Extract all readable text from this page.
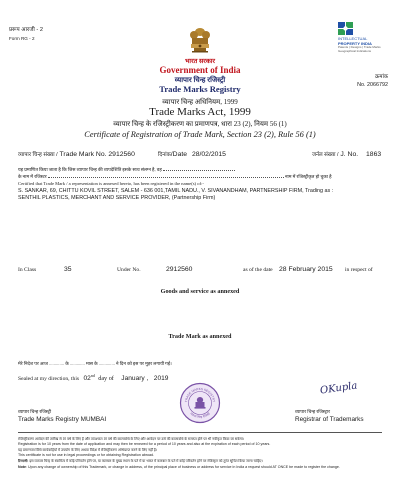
प्ररूप आरजी - 2
Form RG - 2	INTELLECTUAL
PROPERTY INDIA
Patents | Designs | Trade Marks
Geographical Indications
भारत सरकार
Government of India
व्यापार चिन्ह रजिस्ट्री
Trade Marks Registry
व्यापार चिन्ह अधिनियम, 1999
Trade Marks Act, 1999
व्यापार चिन्ह के रजिस्ट्रीकरण का प्रमाणपत्र, धारा 23 (2), नियम 56 (1)
Certificate of Registration of Trade Mark, Section 23 (2), Rule 56 (1)
क्रमांक
No. 2066792
व्यापार चिन्ह संख्या / Trade Mark No. 2912560	दिनांक/Date 28/02/2015	जर्नल संख्या / J. No. 1863
यह प्रमाणित किया जाता है कि जिस व्यापार चिन्ह की व्यपदेशिति इसके साथ संलग्न है, वह
के नाम में रजिस्टर	नाम में रजिस्ट्रीकृत हो चुका है
Certified that Trade Mark / a representation is annexed hereto, has been registered in the name(s) of:-
S. SANKAR, 69, CHITTU KOVIL STREET, SALEM - 636 001,TAMIL NADU., V. SIVANANDHAM, PARTNERSHIP FIRM, Trading as :
SENTHIL PLASTICS, MERCHANT AND SERVICE PROVIDER, (Partnership Firm)
In Class	35	Under No.	2912560	as of the date 28 February 2015 in respect of
Goods and service as annexed
Trade Mark as annexed
मेरे निदेश पर आज ............. के ............. मास के .............. ने दिन को इस पर मुहर लगायी गई।
Sealed at my direction, this 02nd day of January , 2019
TRADE MARKS REGISTRY
व्यापार चिन्ह रजिस्ट्री
OKupla
व्यापार चिन्ह रजिस्ट्री
Trade Marks Registry MUMBAI
व्यापार चिन्ह रजिस्ट्रार
Registrar of Trademarks
रजिस्ट्रीकरण आवेदन की तारीख से 10 वर्ष के लिए है और तत्पश्चात 10 वर्ष की कालावधि के लिए और आवेदन पर उसे की कालावधि के समाप्त होने पर भी नवीकृत किया जा सकेगा।
Registration is for 10 years from the date of application and may then be renewed for a period of 10 years and also at the expiration of each period of 10 years.
यह प्रमाणपत्र विधि कार्यवाहियों में उपयोग के लिए अथवा विदेश में रजिस्ट्रीकरण अभिप्राप्त करने के लिए नहीं है।
This certificate is not for use in legal proceedings or for obtaining Registration abroad.
टिप्पणी: इस व्यापार चिन्ह के स्वामित्व में कोई परिवर्तन होने पर, या कारबार के मुख्य स्थान के पते में या भारत में कारबार के पते में कोई परिवर्तन होने पर रजिस्ट्रार को तुरंत सूचित किया जाना चाहिए।
Note: Upon any change of ownership of this Trademark, or change in address, of the principal place of business or address for service in India a request should AT ONCE be made to register the change.
